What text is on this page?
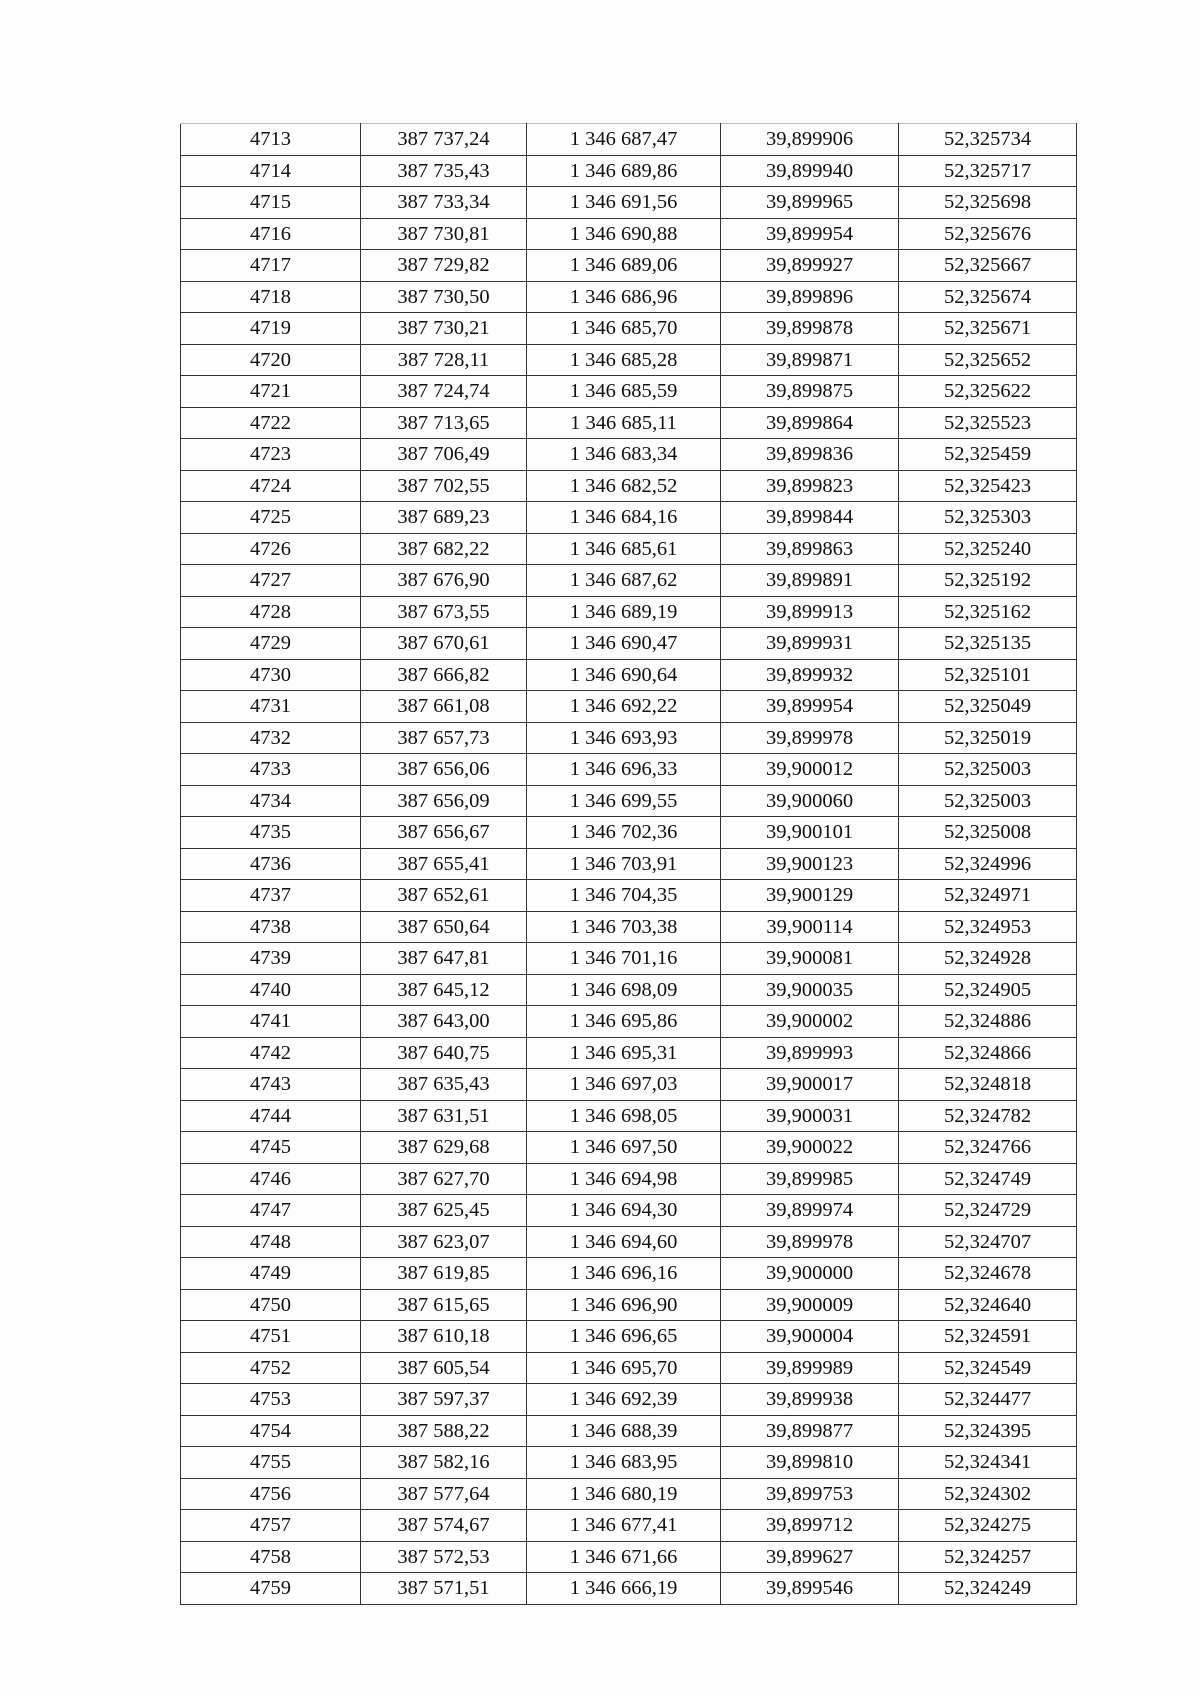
4713	387 737,24	1 346 687,47	39,899906	52,325734
4714	387 735,43	1 346 689,86	39,899940	52,325717
4715	387 733,34	1 346 691,56	39,899965	52,325698
4716	387 730,81	1 346 690,88	39,899954	52,325676
4717	387 729,82	1 346 689,06	39,899927	52,325667
4718	387 730,50	1 346 686,96	39,899896	52,325674
4719	387 730,21	1 346 685,70	39,899878	52,325671
4720	387 728,11	1 346 685,28	39,899871	52,325652
4721	387 724,74	1 346 685,59	39,899875	52,325622
4722	387 713,65	1 346 685,11	39,899864	52,325523
4723	387 706,49	1 346 683,34	39,899836	52,325459
4724	387 702,55	1 346 682,52	39,899823	52,325423
4725	387 689,23	1 346 684,16	39,899844	52,325303
4726	387 682,22	1 346 685,61	39,899863	52,325240
4727	387 676,90	1 346 687,62	39,899891	52,325192
4728	387 673,55	1 346 689,19	39,899913	52,325162
4729	387 670,61	1 346 690,47	39,899931	52,325135
4730	387 666,82	1 346 690,64	39,899932	52,325101
4731	387 661,08	1 346 692,22	39,899954	52,325049
4732	387 657,73	1 346 693,93	39,899978	52,325019
4733	387 656,06	1 346 696,33	39,900012	52,325003
4734	387 656,09	1 346 699,55	39,900060	52,325003
4735	387 656,67	1 346 702,36	39,900101	52,325008
4736	387 655,41	1 346 703,91	39,900123	52,324996
4737	387 652,61	1 346 704,35	39,900129	52,324971
4738	387 650,64	1 346 703,38	39,900114	52,324953
4739	387 647,81	1 346 701,16	39,900081	52,324928
4740	387 645,12	1 346 698,09	39,900035	52,324905
4741	387 643,00	1 346 695,86	39,900002	52,324886
4742	387 640,75	1 346 695,31	39,899993	52,324866
4743	387 635,43	1 346 697,03	39,900017	52,324818
4744	387 631,51	1 346 698,05	39,900031	52,324782
4745	387 629,68	1 346 697,50	39,900022	52,324766
4746	387 627,70	1 346 694,98	39,899985	52,324749
4747	387 625,45	1 346 694,30	39,899974	52,324729
4748	387 623,07	1 346 694,60	39,899978	52,324707
4749	387 619,85	1 346 696,16	39,900000	52,324678
4750	387 615,65	1 346 696,90	39,900009	52,324640
4751	387 610,18	1 346 696,65	39,900004	52,324591
4752	387 605,54	1 346 695,70	39,899989	52,324549
4753	387 597,37	1 346 692,39	39,899938	52,324477
4754	387 588,22	1 346 688,39	39,899877	52,324395
4755	387 582,16	1 346 683,95	39,899810	52,324341
4756	387 577,64	1 346 680,19	39,899753	52,324302
4757	387 574,67	1 346 677,41	39,899712	52,324275
4758	387 572,53	1 346 671,66	39,899627	52,324257
4759	387 571,51	1 346 666,19	39,899546	52,324249
